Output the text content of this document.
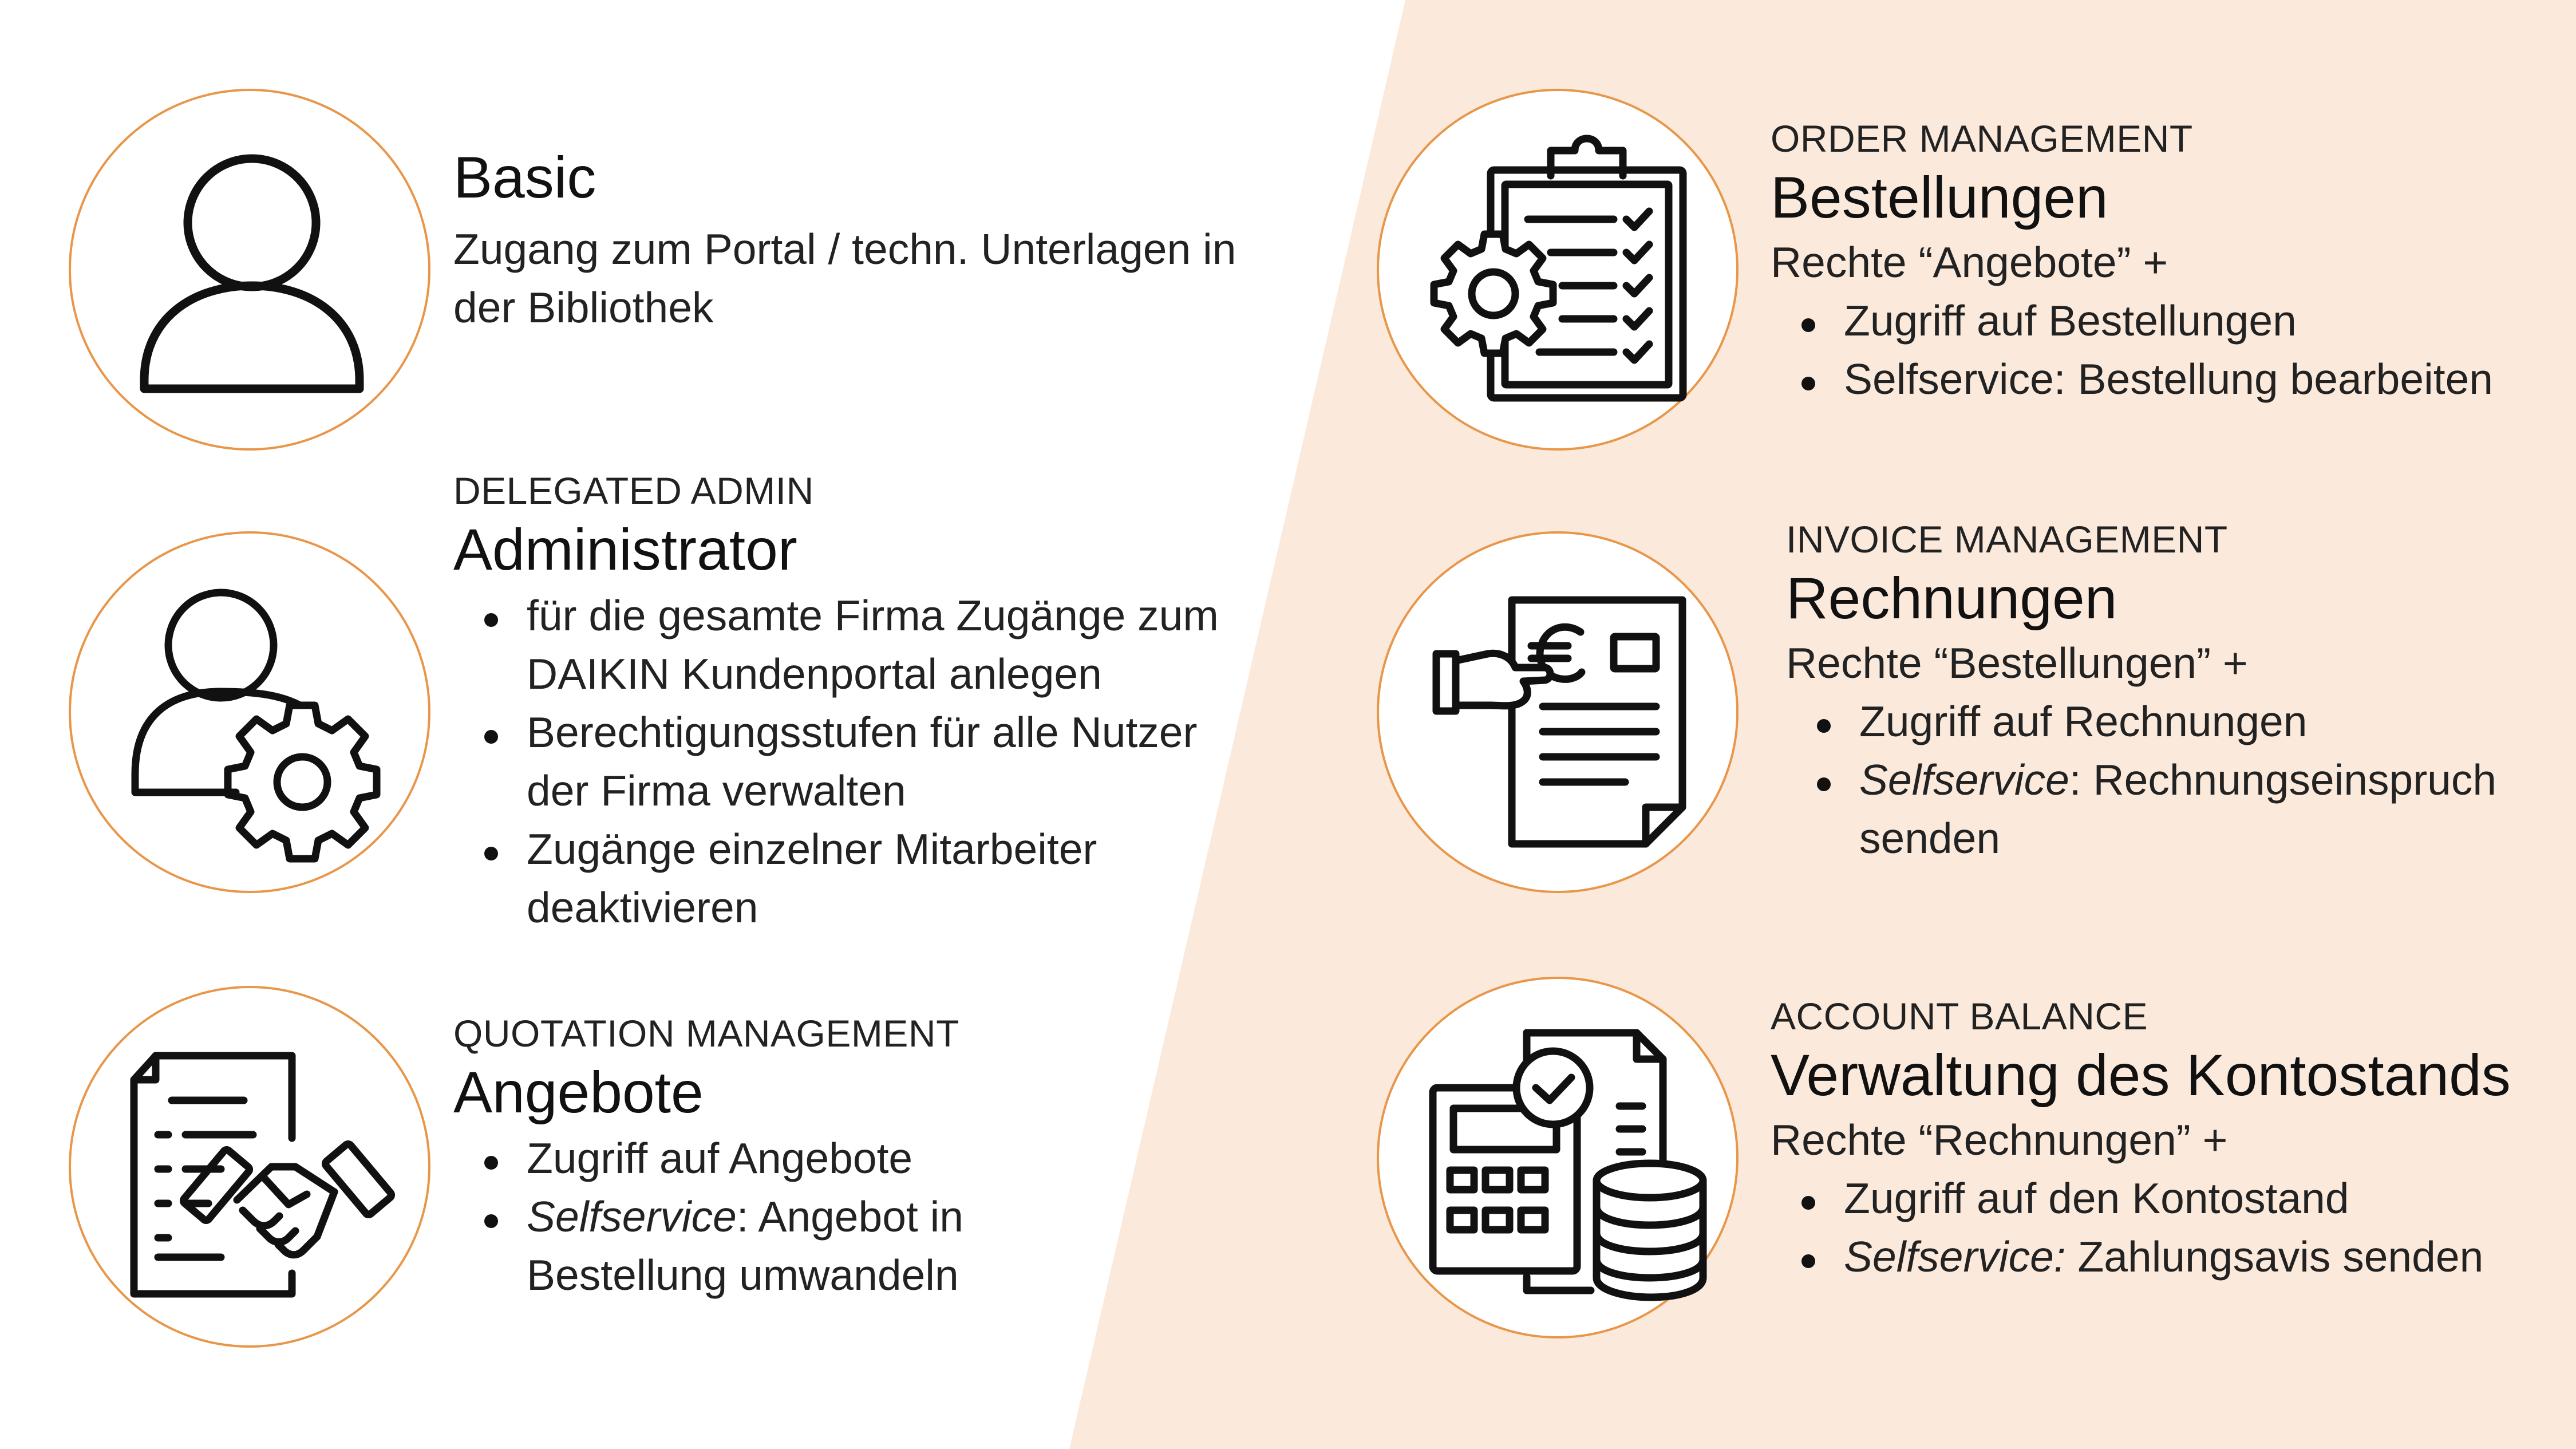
Basic
Zugang zum Portal / techn. Unterlagen in
der Bibliothek
DELEGATED ADMIN
Administrator
für die gesamte Firma Zugänge zum
DAIKIN Kundenportal anlegen
Berechtigungsstufen für alle Nutzer
der Firma verwalten
Zugänge einzelner Mitarbeiter
deaktivieren
QUOTATION MANAGEMENT
Angebote
Zugriff auf Angebote
Selfservice: Angebot in
Bestellung umwandeln
ORDER MANAGEMENT
Bestellungen
Rechte “Angebote” +
Zugriff auf Bestellungen
Selfservice: Bestellung bearbeiten
INVOICE MANAGEMENT
Rechnungen
Rechte “Bestellungen” +
Zugriff auf Rechnungen
Selfservice: Rechnungseinspruch
senden
ACCOUNT BALANCE
Verwaltung des Kontostands
Rechte “Rechnungen” +
Zugriff auf den Kontostand
Selfservice: Zahlungsavis senden
